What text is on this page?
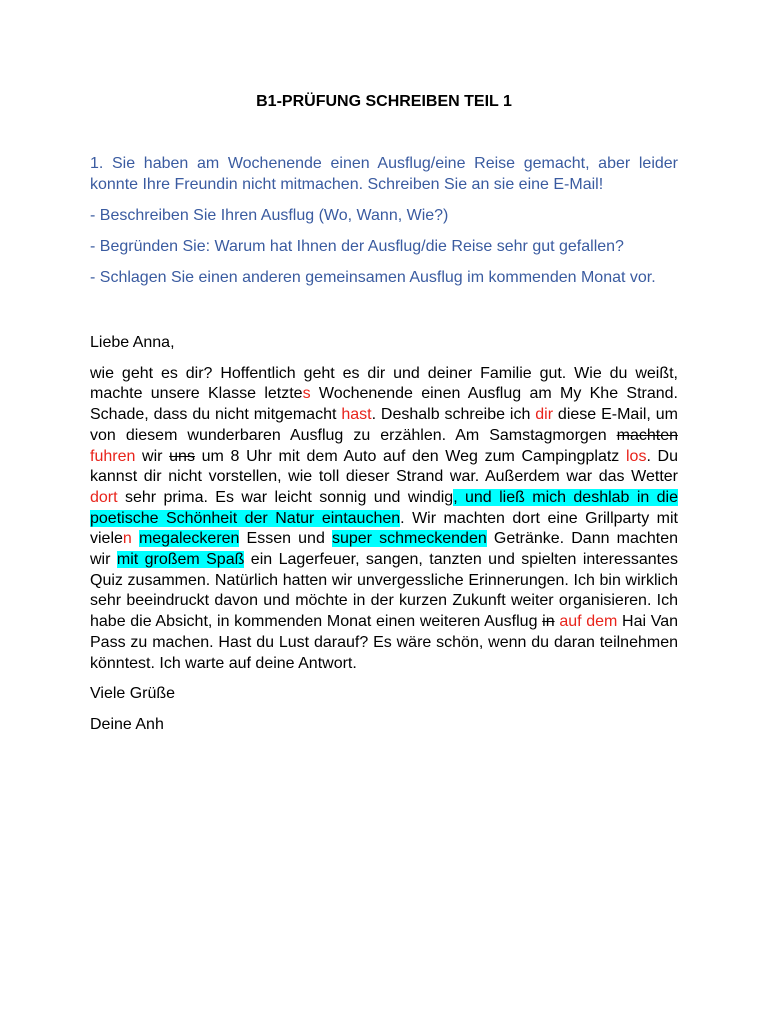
B1-PRÜFUNG SCHREIBEN TEIL 1

1. Sie haben am Wochenende einen Ausflug/eine Reise gemacht, aber leider konnte Ihre Freundin nicht mitmachen. Schreiben Sie an sie eine E-Mail!

- Beschreiben Sie Ihren Ausflug (Wo, Wann, Wie?)

- Begründen Sie: Warum hat Ihnen der Ausflug/die Reise sehr gut gefallen?

- Schlagen Sie einen anderen gemeinsamen Ausflug im kommenden Monat vor.

Liebe Anna,

wie geht es dir? Hoffentlich geht es dir und deiner Familie gut. Wie du weißt, machte unsere Klasse letztes Wochenende einen Ausflug am My Khe Strand. Schade, dass du nicht mitgemacht hast. Deshalb schreibe ich dir diese E-Mail, um von diesem wunderbaren Ausflug zu erzählen. Am Samstagmorgen machten fuhren wir uns um 8 Uhr mit dem Auto auf den Weg zum Campingplatz los. Du kannst dir nicht vorstellen, wie toll dieser Strand war. Außerdem war das Wetter dort sehr prima. Es war leicht sonnig und windig, und ließ mich deshlab in die poetische Schönheit der Natur eintauchen. Wir machten dort eine Grillparty mit vielen megaleckeren Essen und super schmeckenden Getränke. Dann machten wir mit großem Spaß ein Lagerfeuer, sangen, tanzten und spielten interessantes Quiz zusammen. Natürlich hatten wir unvergessliche Erinnerungen. Ich bin wirklich sehr beeindruckt davon und möchte in der kurzen Zukunft weiter organisieren. Ich habe die Absicht, in kommenden Monat einen weiteren Ausflug in auf dem Hai Van Pass zu machen. Hast du Lust darauf? Es wäre schön, wenn du daran teilnehmen könntest. Ich warte auf deine Antwort.

Viele Grüße

Deine Anh
